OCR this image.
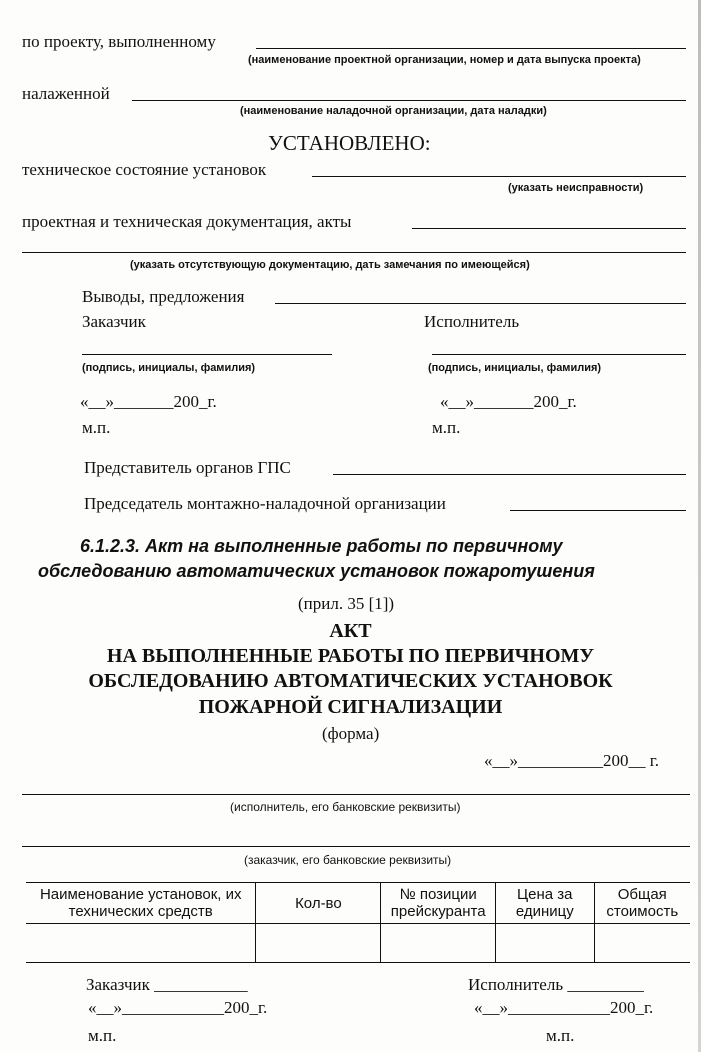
по проекту, выполненному
(наименование проектной организации, номер и дата выпуска проекта)
налаженной
(наименование наладочной организации, дата наладки)
УСТАНОВЛЕНО:
техническое состояние установок
(указать неисправности)
проектная и техническая документация, акты
(указать отсутствующую документацию, дать замечания по имеющейся)
Выводы, предложения
Заказчик	Исполнитель
(подпись, инициалы, фамилия)	(подпись, инициалы, фамилия)
«__»_______200_г.	«__»_______200_г.
м.п.	м.п.
Представитель органов ГПС
Председатель монтажно-наладочной организации
6.1.2.3. Акт на выполненные работы по первичному
обследованию автоматических установок пожаротушения
(прил. 35 [1])
АКТ
НА ВЫПОЛНЕННЫЕ РАБОТЫ ПО ПЕРВИЧНОМУ
ОБСЛЕДОВАНИЮ АВТОМАТИЧЕСКИХ УСТАНОВОК
ПОЖАРНОЙ СИГНАЛИЗАЦИИ
(форма)
«__»__________200__ г.
(исполнитель, его банковские реквизиты)
(заказчик, его банковские реквизиты)
Наименование установок, их технических средств	Кол-во	№ позиции прейскуранта	Цена за единицу	Общая стоимость

Заказчик ___________	Исполнитель _________
«__»____________200_г.	«__»____________200_г.
м.п.	м.п.
